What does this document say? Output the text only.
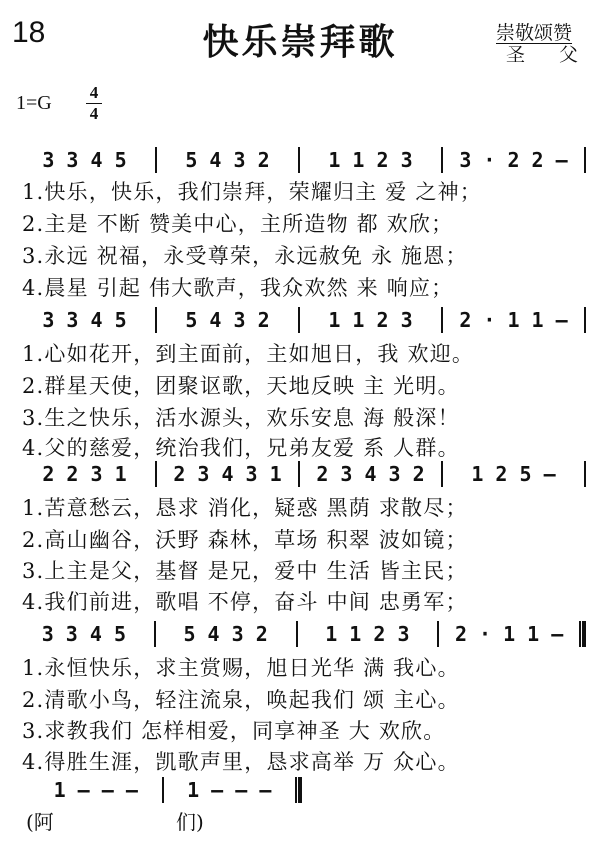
18	快乐崇拜歌	崇敬颂赞
圣 父
1=G 4
4
3 3 4 5	5 4 3 2	1 1 2 3	3 · 2 2 –
1.快乐，快乐，我们崇拜，荣耀归主 爱 之神；
2.主是 不断 赞美中心，主所造物 都 欢欣；
3.永远 祝福，永受尊荣，永远赦免 永 施恩；
4.晨星 引起 伟大歌声，我众欢然 来 响应；
3 3 4 5	5 4 3 2	1 1 2 3	2 · 1 1 –
1.心如花开，到主面前，主如旭日，我 欢迎。
2.群星天使，团聚讴歌，天地反映 主 光明。
3.生之快乐，活水源头，欢乐安息 海 般深！
4.父的慈爱，统治我们，兄弟友爱 系 人群。
2 2 3 1	2 3 4 3 1	2 3 4 3 2	1 2 5 –
1.苦意愁云，恳求 消化，疑惑 黑荫 求散尽；
2.高山幽谷，沃野 森林，草场 积翠 波如镜；
3.上主是父，基督 是兄，爱中 生活 皆主民；
4.我们前进，歌唱 不停，奋斗 中间 忠勇军；
3 3 4 5	5 4 3 2	1 1 2 3	2 · 1 1 –
1.永恒快乐，求主赏赐，旭日光华 满 我心。
2.清歌小鸟，轻注流泉，唤起我们 颂 主心。
3.求教我们 怎样相爱，同享神圣 大 欢欣。
4.得胜生涯，凯歌声里，恳求高举 万 众心。
1 – – –	1 – – –
(阿	们)
